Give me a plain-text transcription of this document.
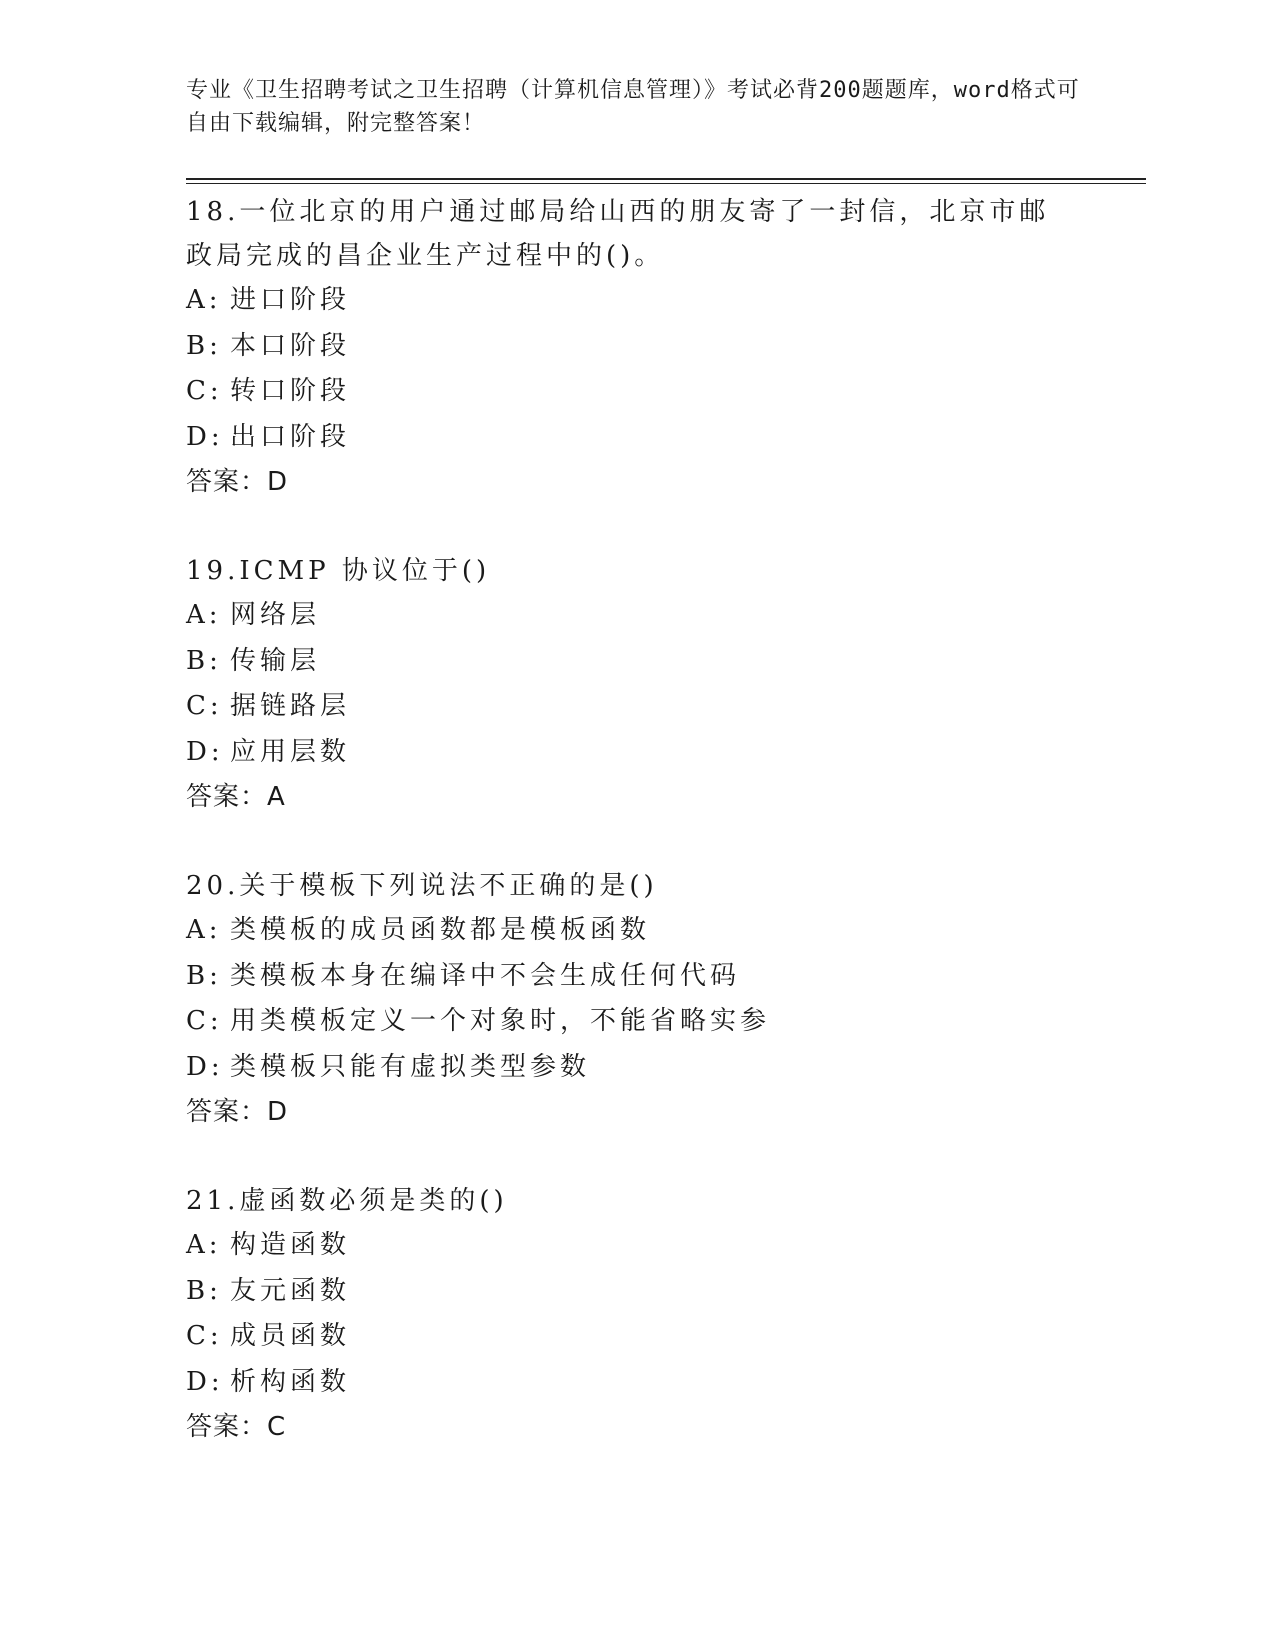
专业《卫生招聘考试之卫生招聘（计算机信息管理）》考试必背200题题库，word格式可自由下载编辑，附完整答案！
18.一位北京的用户通过邮局给山西的朋友寄了一封信，北京市邮政局完成的昌企业生产过程中的()。
A: 进口阶段
B: 本口阶段
C: 转口阶段
D: 出口阶段
答案：D
19.ICMP 协议位于()
A: 网络层
B: 传输层
C: 据链路层
D: 应用层数
答案：A
20.关于模板下列说法不正确的是()
A: 类模板的成员函数都是模板函数
B: 类模板本身在编译中不会生成任何代码
C: 用类模板定义一个对象时，不能省略实参
D: 类模板只能有虚拟类型参数
答案：D
21.虚函数必须是类的()
A: 构造函数
B: 友元函数
C: 成员函数
D: 析构函数
答案：C
